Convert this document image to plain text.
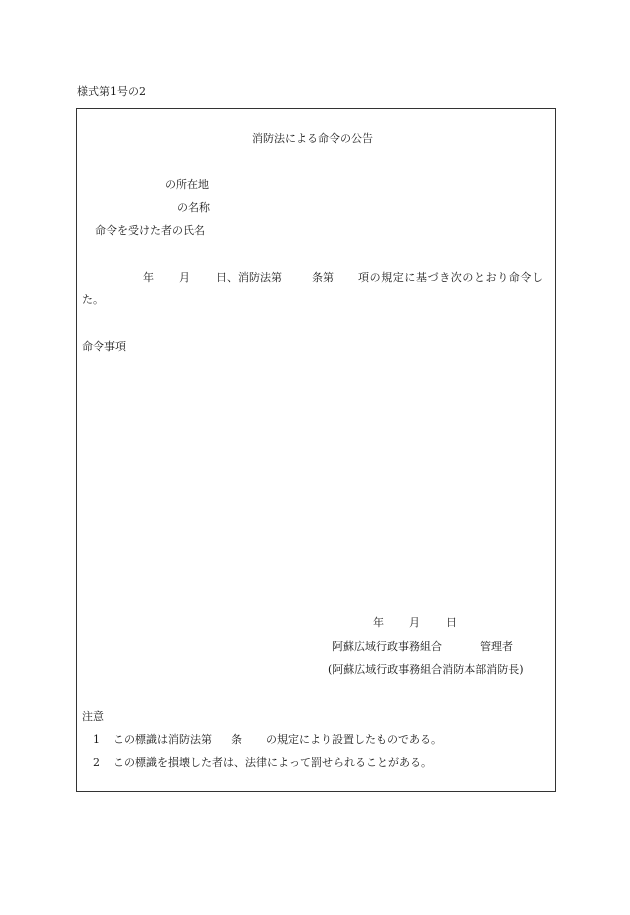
様式第1号の2
消防法による命令の公告
の所在地
の名称
命令を受けた者の氏名
年 月 日、消防法第	条第 項の規定に基づき次のとおり命令し
た。
命令事項
年 月 日
阿蘇広域行政事務組合	管理者
(阿蘇広域行政事務組合消防本部消防長)
注意
1 この標識は消防法第 条 の規定により設置したものである。
2 この標識を損壊した者は、法律によって罰せられることがある。
